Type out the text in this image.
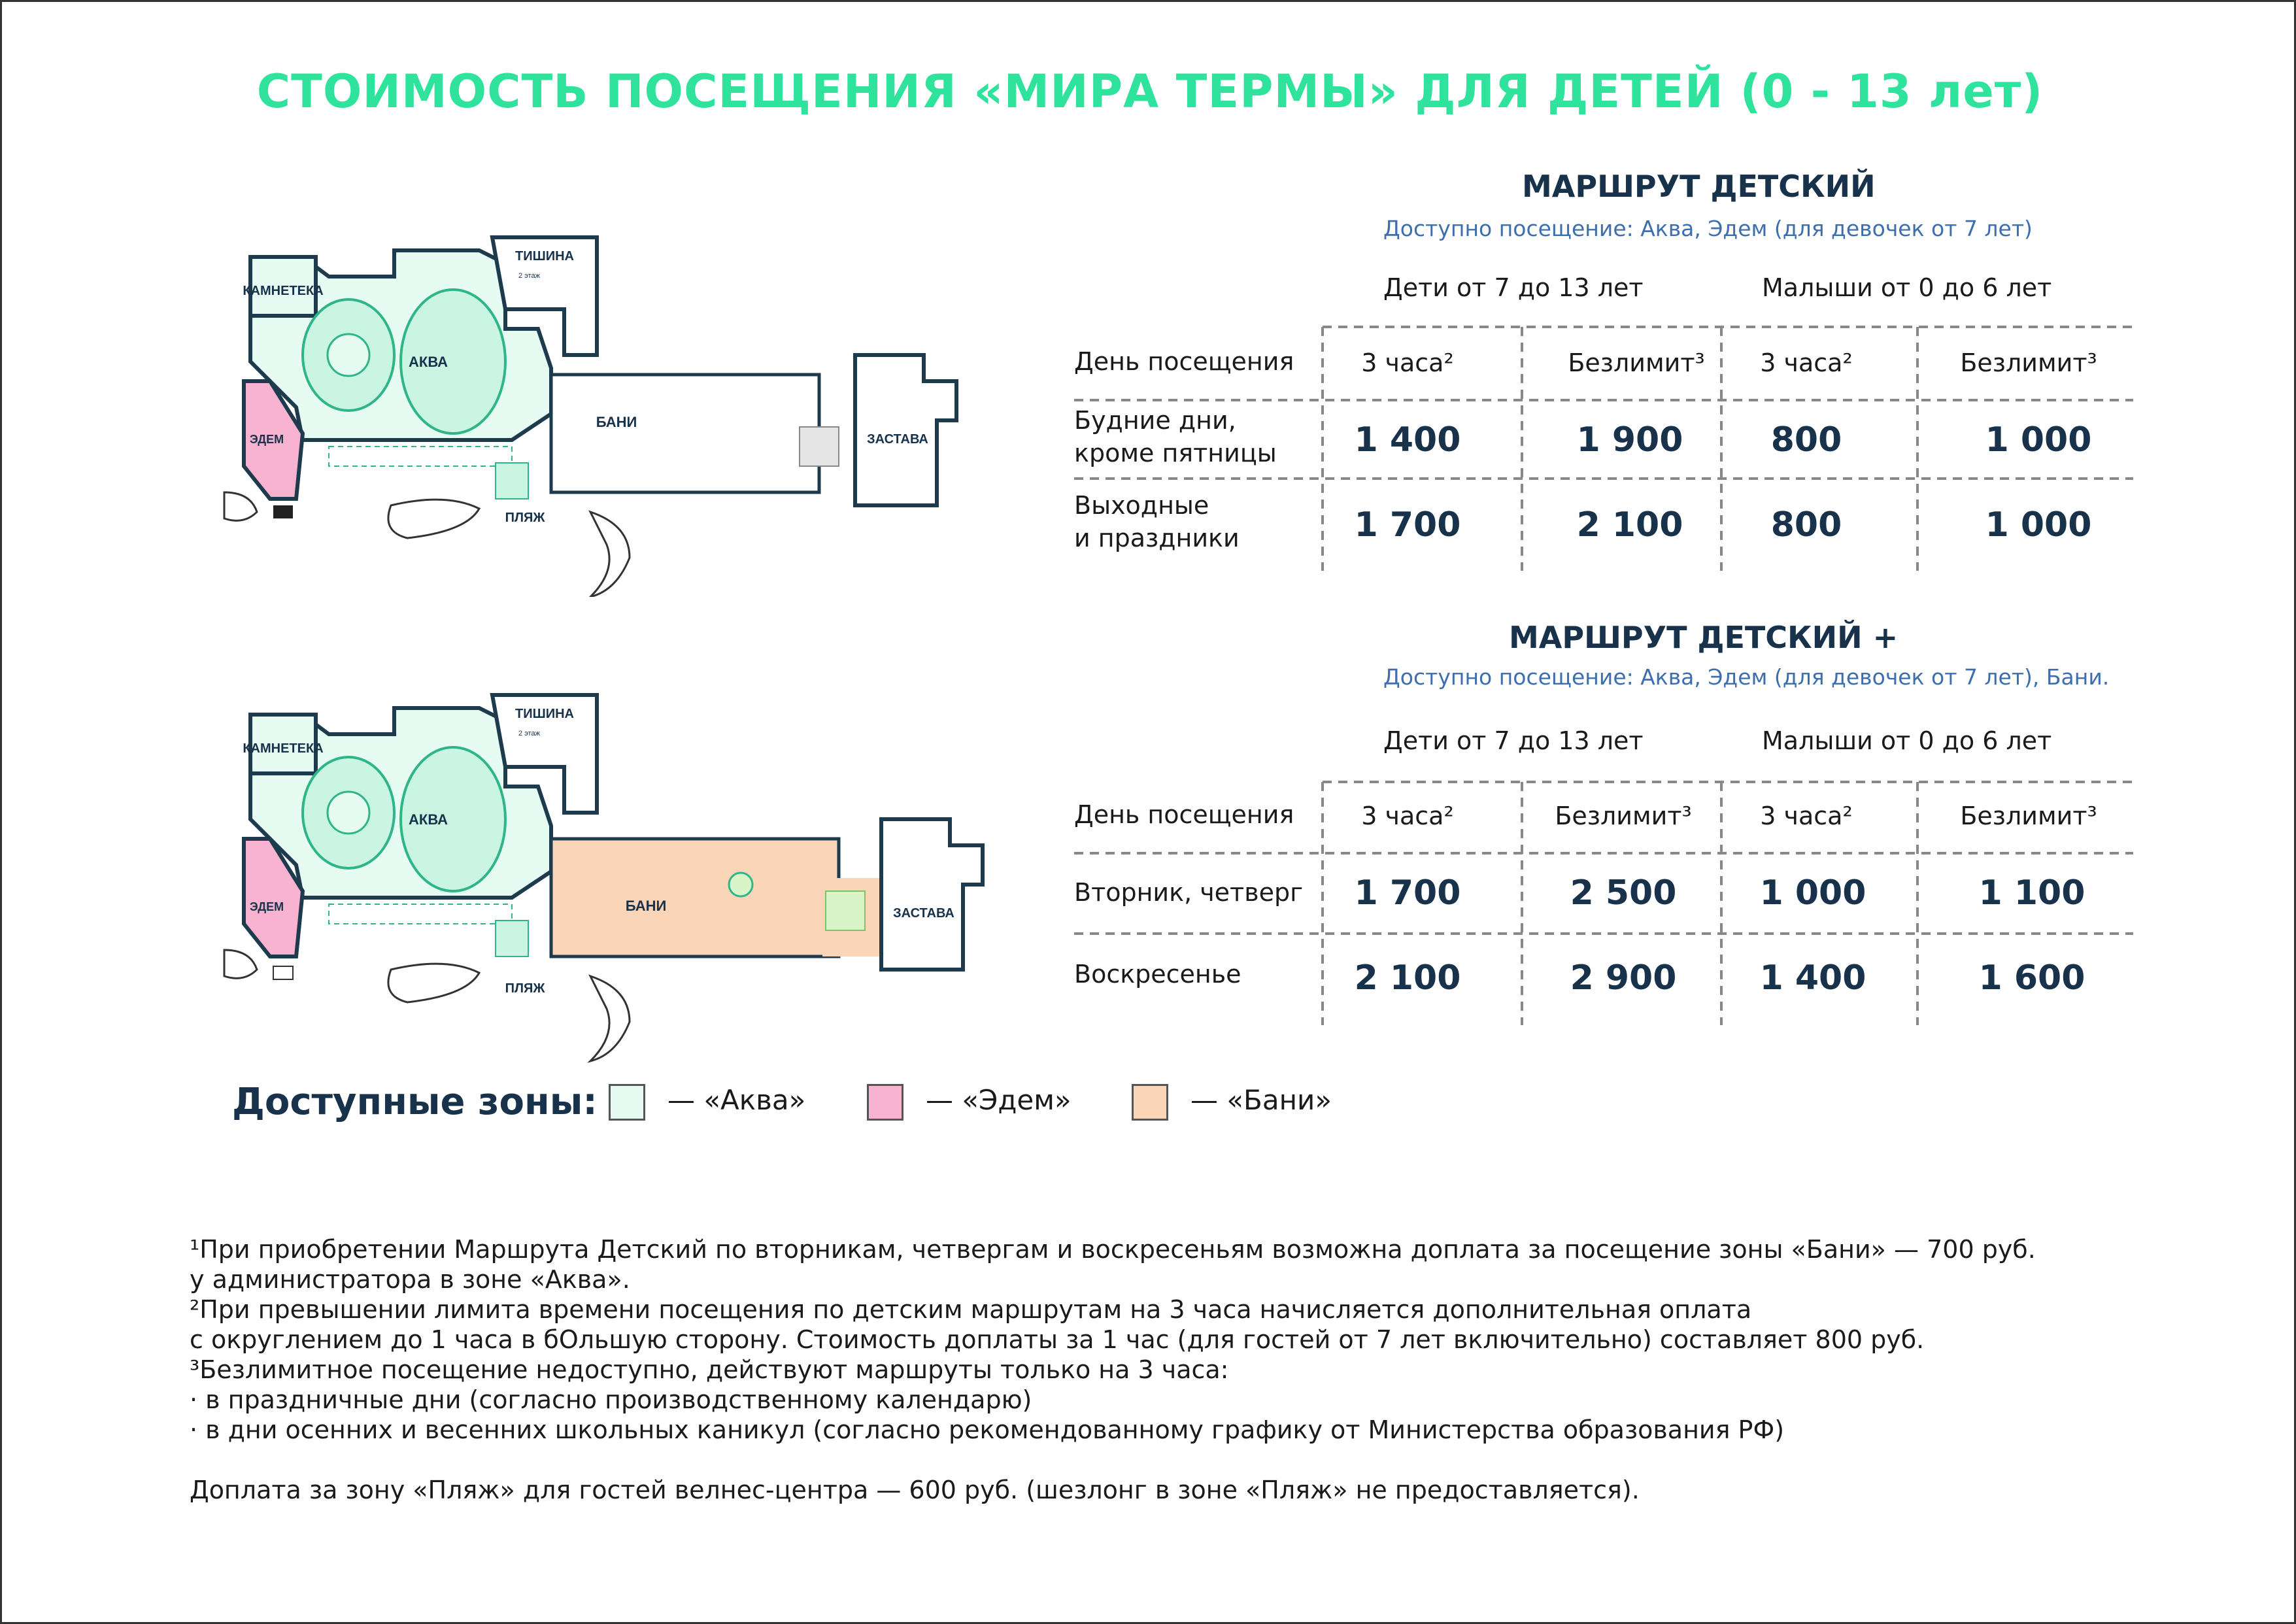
СТОИМОСТЬ ПОСЕЩЕНИЯ «МИРА ТЕРМЫ» ДЛЯ ДЕТЕЙ (0 - 13 лет)
КАМНЕТЕКА
АКВА
ЭДЕМ
ТИШИНА
БАНИ
ЗАСТАВА
ПЛЯЖ
2 этаж
КАМНЕТЕКА
АКВА
ЭДЕМ
ТИШИНА
БАНИ	ЗАСТАВА
ПЛЯЖ
2 этаж
МАРШРУТ ДЕТСКИЙ
Доступно посещение: Аква, Эдем (для девочек от 7 лет)
Дети от 7 до 13 лет	Малыши от 0 до 6 лет
День посещения	3 часа²	Безлимит³	3 часа²	Безлимит³
Будние дни,
кроме пятницы	1 400	1 900	800	1 000
Выходные
и праздники	1 700	2 100	800	1 000
МАРШРУТ ДЕТСКИЙ +
Доступно посещение: Аква, Эдем (для девочек от 7 лет), Бани.
Дети от 7 до 13 лет	Малыши от 0 до 6 лет
День посещения	3 часа²	Безлимит³	3 часа²	Безлимит³
Вторник, четверг	1 700	2 500	1 000	1 100
Воскресенье	2 100	2 900	1 400	1 600
Доступные зоны:	— «Аква»	— «Эдем»	— «Бани»

¹При приобретении Маршрута Детский по вторникам, четвергам и воскресеньям возможна доплата за посещение зоны «Бани» — 700 руб.

у администратора в зоне «Аква».

²При превышении лимита времени посещения по детским маршрутам на 3 часа начисляется дополнительная оплата

с округлением до 1 часа в бОльшую сторону. Стоимость доплаты за 1 час (для гостей от 7 лет включительно) составляет 800 руб.

³Безлимитное посещение недоступно, действуют маршруты только на 3 часа:

· в праздничные дни (согласно производственному календарю)

· в дни осенних и весенних школьных каникул (согласно рекомендованному графику от Министерства образования РФ)

Доплата за зону «Пляж» для гостей велнес-центра — 600 руб. (шезлонг в зоне «Пляж» не предоставляется).
